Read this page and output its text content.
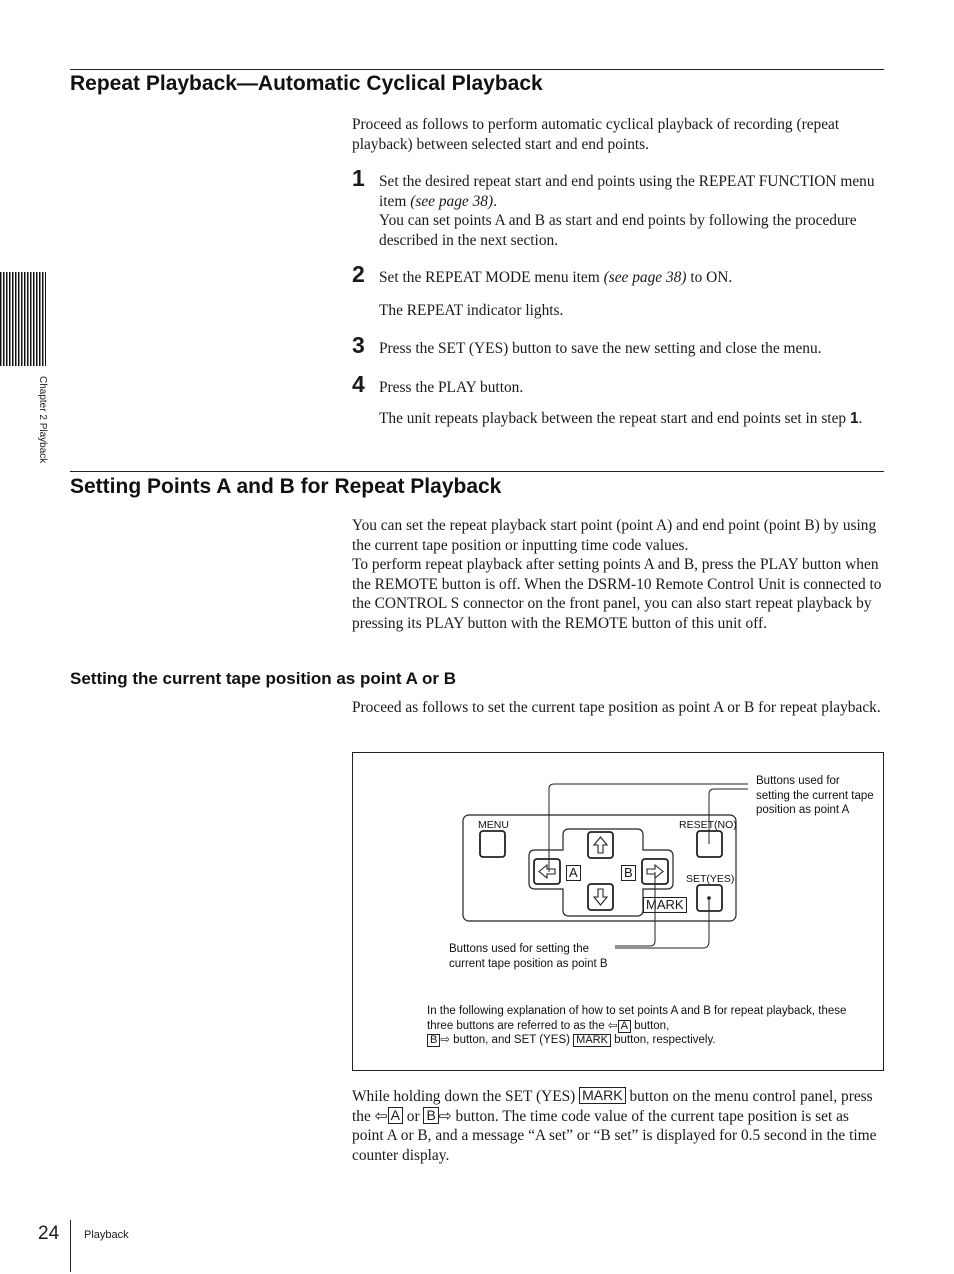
Repeat Playback—Automatic Cyclical Playback

Proceed as follows to perform automatic cyclical playback of recording (repeat playback) between selected start and end points.

1 Set the desired repeat start and end points using the REPEAT FUNCTION menu item (see page 38).
You can set points A and B as start and end points by following the procedure described in the next section.

2 Set the REPEAT MODE menu item (see page 38) to ON.

The REPEAT indicator lights.

3 Press the SET (YES) button to save the new setting and close the menu.

4 Press the PLAY button.

The unit repeats playback between the repeat start and end points set in step 1.

Setting Points A and B for Repeat Playback

You can set the repeat playback start point (point A) and end point (point B) by using the current tape position or inputting time code values.

To perform repeat playback after setting points A and B, press the PLAY button when the REMOTE button is off. When the DSRM-10 Remote Control Unit is connected to the CONTROL S connector on the front panel, you can also start repeat playback by pressing its PLAY button with the REMOTE button of this unit off.

Setting the current tape position as point A or B

Proceed as follows to set the current tape position as point A or B for repeat playback.

MENU	RESET(NO)
SET(YES)
A	B
MARK

Buttons used for setting the current tape position as point A

Buttons used for setting the current tape position as point B

In the following explanation of how to set points A and B for repeat playback, these three buttons are referred to as the ⇦ A button,
B ⇨ button, and SET (YES) MARK button, respectively.

While holding down the SET (YES) MARK button on the menu control panel, press the ⇦ A or B ⇨ button. The time code value of the current tape position is set as point A or B, and a message “A set” or “B set” is displayed for 0.5 second in the time counter display.

Chapter 2 Playback
24 Playback
